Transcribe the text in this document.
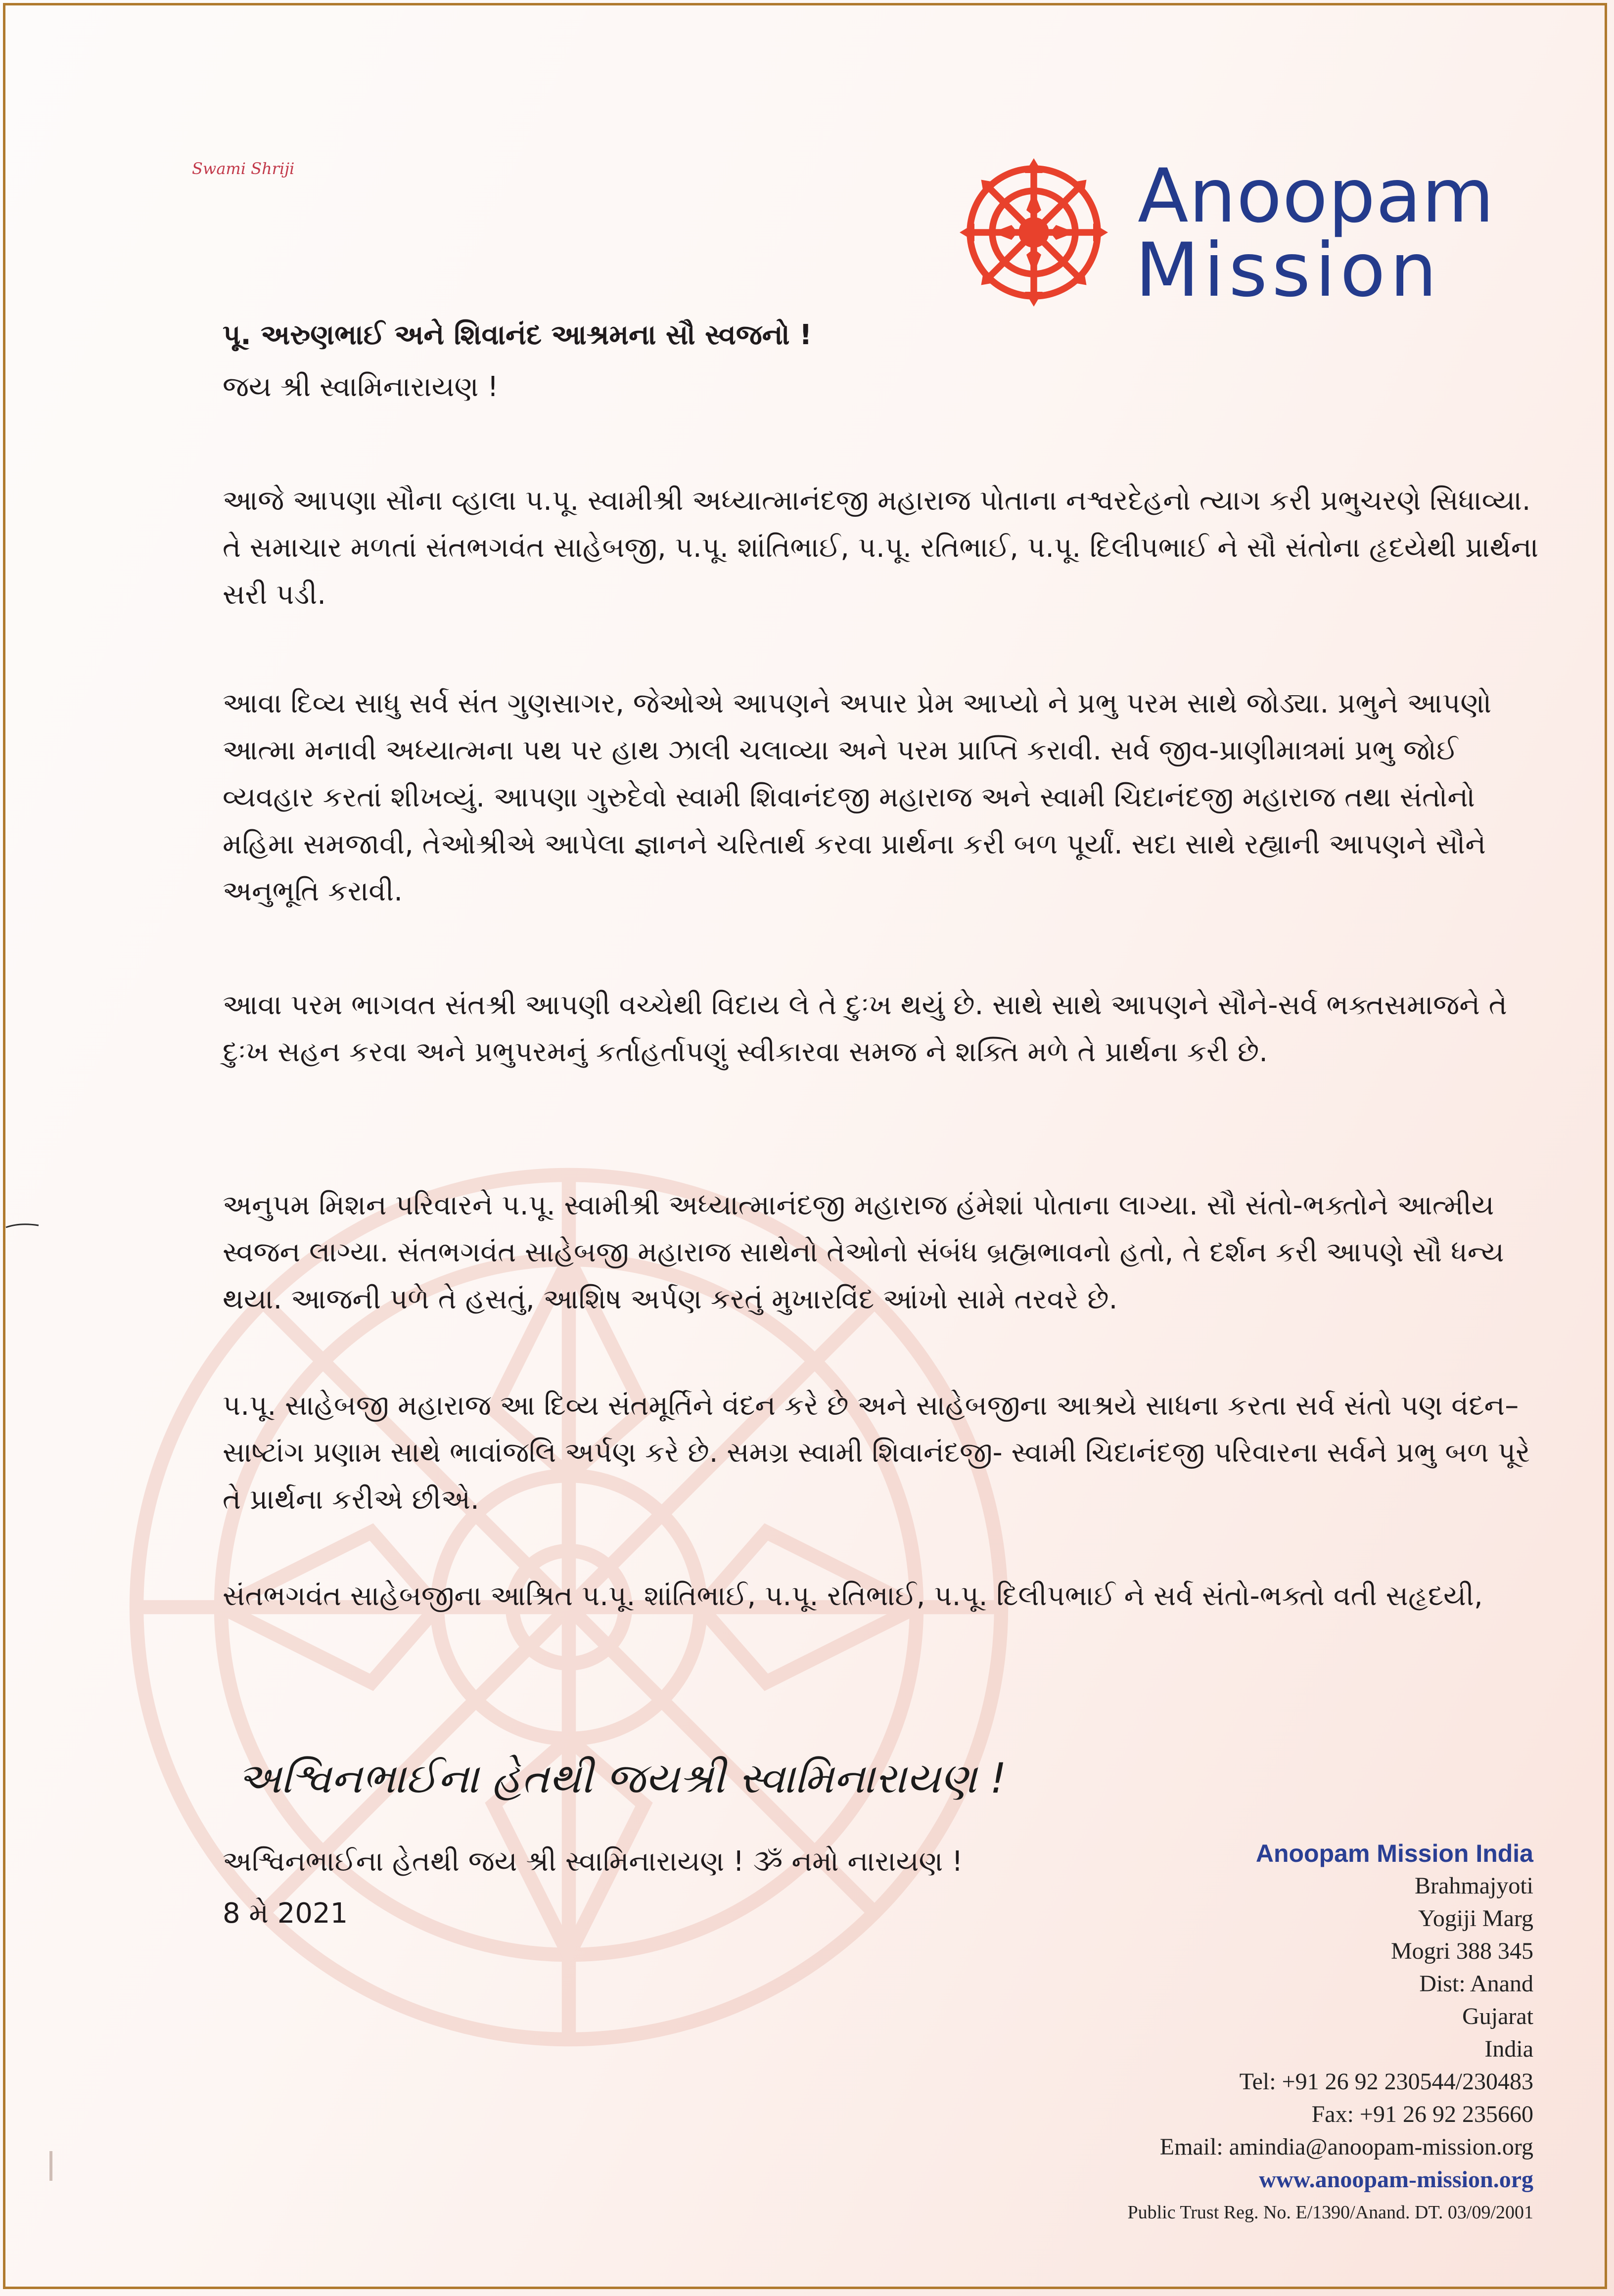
Swami Shriji	Anoopam
Mission
પૂ. અરુણભાઈ અને શિવાનંદ આશ્રમના સૌ સ્વજનો !
જય શ્રી સ્વામિનારાયણ !

આજે આપણા સૌના વ્હાલા પ.પૂ. સ્વામીશ્રી અધ્યાત્માનંદજી મહારાજ પોતાના નશ્વરદેહનો ત્યાગ કરી પ્રભુચરણે સિધાવ્યા. તે સમાચાર મળતાં સંતભગવંત સાહેબજી, પ.પૂ. શાંતિભાઈ, પ.પૂ. રતિભાઈ, પ.પૂ. દિલીપભાઈ ને સૌ સંતોના હૃદયેથી પ્રાર્થના સરી પડી.

આવા દિવ્ય સાધુ સર્વ સંત ગુણસાગર, જેઓએ આપણને અપાર પ્રેમ આપ્યો ને પ્રભુ પરમ સાથે જોડ્યા. પ્રભુને આપણો આત્મા મનાવી અધ્યાત્મના પથ પર હાથ ઝાલી ચલાવ્યા અને પરમ પ્રાપ્તિ કરાવી. સર્વ જીવ-પ્રાણીમાત્રમાં પ્રભુ જોઈ વ્યવહાર કરતાં શીખવ્યું. આપણા ગુરુદેવો સ્વામી શિવાનંદજી મહારાજ અને સ્વામી ચિદાનંદજી મહારાજ તથા સંતોનો મહિમા સમજાવી, તેઓશ્રીએ આપેલા જ્ઞાનને ચરિતાર્થ કરવા પ્રાર્થના કરી બળ પૂર્યાં. સદા સાથે રહ્યાની આપણને સૌને અનુભૂતિ કરાવી.

આવા પરમ ભાગવત સંતશ્રી આપણી વચ્ચેથી વિદાય લે તે દુઃખ થયું છે. સાથે સાથે આપણને સૌને-સર્વ ભક્તસમાજને તે દુઃખ સહન કરવા અને પ્રભુપરમનું કર્તાહર્તાપણું સ્વીકારવા સમજ ને શક્તિ મળે તે પ્રાર્થના કરી છે.

અનુપમ મિશન પરિવારને પ.પૂ. સ્વામીશ્રી અધ્યાત્માનંદજી મહારાજ હંમેશાં પોતાના લાગ્યા. સૌ સંતો-ભક્તોને આત્મીય સ્વજન લાગ્યા. સંતભગવંત સાહેબજી મહારાજ સાથેનો તેઓનો સંબંધ બ્રહ્મભાવનો હતો, તે દર્શન કરી આપણે સૌ ધન્ય થયા. આજની પળે તે હસતું, આશિષ અર્પણ કરતું મુખારવિંદ આંખો સામે તરવરે છે.

પ.પૂ. સાહેબજી મહારાજ આ દિવ્ય સંતમૂર્તિને વંદન કરે છે અને સાહેબજીના આશ્રયે સાધના કરતા સર્વ સંતો પણ વંદન–સાષ્ટાંગ પ્રણામ સાથે ભાવાંજલિ અર્પણ કરે છે. સમગ્ર સ્વામી શિવાનંદજી- સ્વામી ચિદાનંદજી પરિવારના સર્વને પ્રભુ બળ પૂરે તે પ્રાર્થના કરીએ છીએ.

સંતભગવંત સાહેબજીના આશ્રિત પ.પૂ. શાંતિભાઈ, પ.પૂ. રતિભાઈ, પ.પૂ. દિલીપભાઈ ને સર્વ સંતો-ભક્તો વતી સહૃદયી,

અશ્વિનભાઈના હેતથી જયશ્રી સ્વામિનારાયણ !
અશ્વિનભાઈના હેતથી જય શ્રી સ્વામિનારાયણ ! ૐ નમો નારાયણ !
8 મે 2021
Anoopam Mission India
Brahmajyoti
Yogiji Marg
Mogri 388 345
Dist: Anand
Gujarat
India
Tel: +91 26 92 230544/230483
Fax: +91 26 92 235660
Email: amindia@anoopam-mission.org
www.anoopam-mission.org
Public Trust Reg. No. E/1390/Anand. DT. 03/09/2001
